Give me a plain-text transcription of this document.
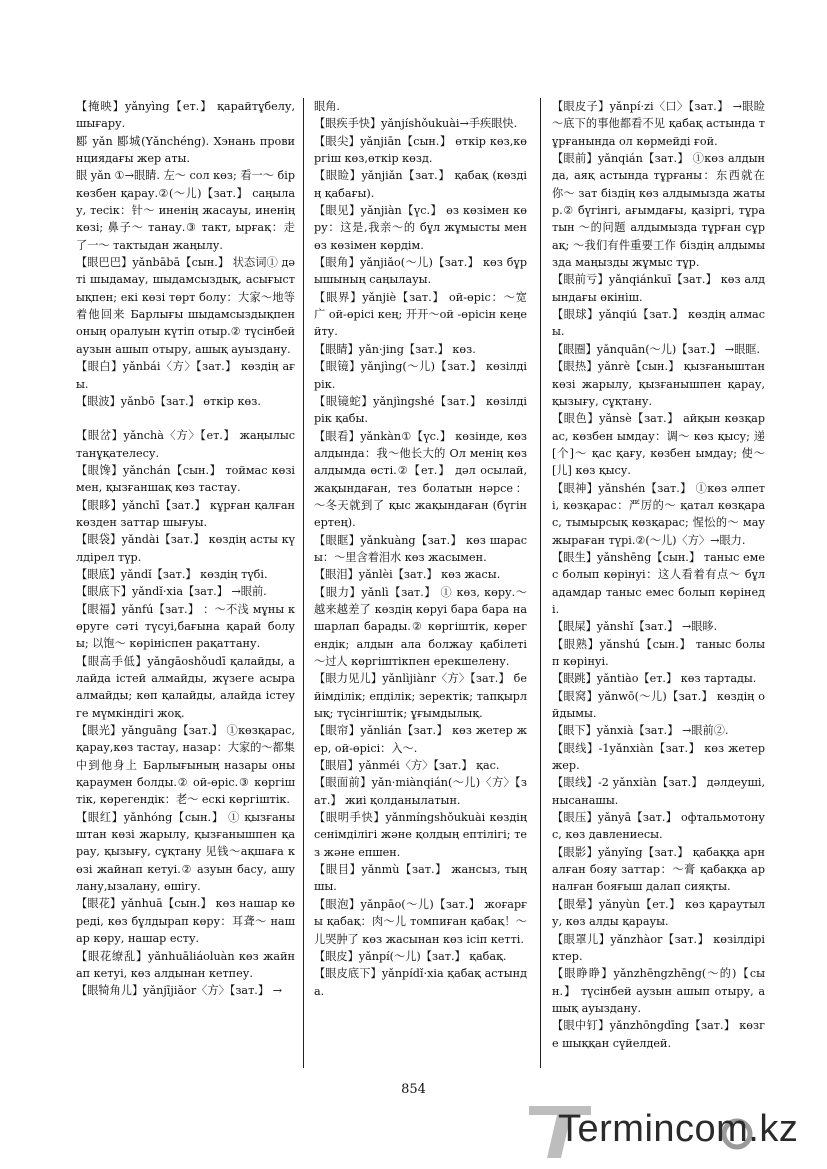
【掩映】yǎnyìng【ет.】 қарайтұбелу, шығару.

郾 yǎn 郾城(Yǎnchéng). Хэнань провинциядағы жер аты.

眼 yǎn ①→眼睛. 左～ сол көз; 看一～ бір көзбен қарау.②(～儿)【зат.】 саңылау, тесік：针～ иненің жасауы, иненің көзі; 鼻子～ танау.③ такт, ырғақ：走了一～ тактыдан жаңылу.

【眼巴巴】yǎnbābā【сын.】 状态词① дәті шыдамау, шыдамсыздық, асығыстықпен; екі көзі төрт болу：大家～地等着他回来 Барлығы шыдамсыздықпен оның оралуын күтіп отыр.② түсінбей аузын ашып отыру, ашық ауыздану.

【眼白】yǎnbái〈方〉【зат.】 көздің ағы.

【眼波】yǎnbō【зат.】 өткір көз.

【眼岔】yǎnchà〈方〉【ет.】 жаңылыс танұқателесу.

【眼馋】yǎnchán【сын.】 тоймас көзімен, қызғаншақ көз тастау.

【眼眵】yǎnchī【зат.】 кұрған қалған көзден заттар шығуы.

【眼袋】yǎndài【зат.】 көздің асты күлдірел түр.

【眼底】yǎndǐ【зат.】 көздің түбі.

【眼底下】yǎndǐ·xia【зат.】 →眼前.

【眼福】yǎnfú【зат.】 ：～不浅 мұны көруге сәті түсуі,бағына қарай болуы; 以饱～ көрініспен рақаттану.

【眼高手低】yǎngāoshǒudī қалайды, алайда істей алмайды, жүзеге асыра алмайды; көп қалайды, алайда істеуге мүмкіндігі жоқ.

【眼光】yǎnguāng【зат.】 ①көзқарас, қарау,көз тастау, назар：大家的～都集中到他身上 Барлығының назары оны қараумен болды.② ой-өріс.③ көргіштік, көрегендік：老～ ескі көргіштік.

【眼红】yǎnhóng【сын.】 ① қызғаныштан көзі жарылу, қызғанышпен қарау, қызығу, сұқтану 见钱～ақшаға көзі жайнап кетуі.② азуын басу, ашулану,ызалану, өшігу.

【眼花】yǎnhuā【сын.】 көз нашар көреді, көз бұлдырап көру：耳聋～ нашар көру, нашар есту.

【眼花缭乱】yǎnhuāliáoluàn көз жайнап кетуі, көз алдынан кетпеу.

【眼犄角儿】yǎnjījiǎor〈方〉【зат.】 →

眼角.

【眼疾手快】yǎnjíshǒukuài→手疾眼快.

【眼尖】yǎnjiān【сын.】 өткір көз,көргіш көз,өткір көзд.

【眼睑】yǎnjiǎn【зат.】 қабақ (көздің қабағы).

【眼见】yǎnjiàn【үс.】 өз көзімен көру：这是,我亲～的 бұл жұмысты мен өз көзімен көрдім.

【眼角】yǎnjiǎo(～儿)【зат.】 көз бұрышының саңылауы.

【眼界】yǎnjiè【зат.】 ой-өріс：～宽广 ой-өрісі кең; 开开～ой -өрісін кеңейту.

【眼睛】yǎn·jing【зат.】 көз.

【眼镜】yǎnjìng(～儿)【зат.】 көзілдірік.

【眼镜蛇】yǎnjìngshé【зат.】 көзілдірік қабы.

【眼看】yǎnkàn①【үс.】 көзінде, көз алдында：我～他长大的 Ол менің көз алдымда өсті.②【ет.】 дәл осылай, жақындаған, тез болатын нәрсе：～冬天就到了 қыс жақындаған (бүгін ертең).

【眼眶】yǎnkuàng【зат.】 көз шарасы：～里含着泪水 көз жасымен.

【眼泪】yǎnlèi【зат.】 көз жасы.

【眼力】yǎnlì【зат.】 ① көз, көру.～越来越差了 көздің көруі бара бара нашарлап барады.② көргіштік, көрегендік; алдын ала болжау қабілеті ～过人 көргіштікпен ерекшелену.

【眼力见儿】yǎnlìjiànr〈方〉【зат.】 бейімділік; епділік; зеректік; тапқырлық; түсінгіштік; ұғымдылық.

【眼帘】yǎnlián【зат.】 көз жетер жер, ой-өрісі：入～.

【眼眉】yǎnméi〈方〉【зат.】 қас.

【眼面前】yǎn·miànqián(～儿)〈方〉【зат.】 жиі қолданылатын.

【眼明手快】yǎnmíngshǒukuài көздің сенімділігі және қолдың ептілігі; тез және епшен.

【眼目】yǎnmù【зат.】 жансыз, тыңшы.

【眼泡】yǎnpāo(～儿)【зат.】 жоғарғы қабақ：肉～儿 томпиған қабақ！～儿哭肿了 көз жасынан көз ісіп кетті.

【眼皮】yǎnpí(～儿)【зат.】 қабақ.

【眼皮底下】yǎnpídǐ·xia қабақ астында.

【眼皮子】yǎnpí·zi〈口〉【зат.】 →眼睑 ～底下的事他都看不见 қабақ астында тұрғанында ол көрмейді ғой.

【眼前】yǎnqián【зат.】 ①көз алдында, аяқ астында тұрғаны：东西就在你～ зат біздің көз алдымызда жатыр.② бүгінгі, ағымдағы, қазіргі, тұратын ～的问题 алдымызда тұрған сұрақ; ～我们有件重要工作 біздің алдымызда маңызды жұмыс тұр.

【眼前亏】yǎnqiánkuī【зат.】 көз алдындағы өкініш.

【眼球】yǎnqiú【зат.】 көздің алмасы.

【眼圈】yǎnquān(～儿)【зат.】 →眼眶.

【眼热】yǎnrè【сын.】 қызғаныштан көзі жарылу, қызғанышпен қарау, қызығу, сұқтану.

【眼色】yǎnsè【зат.】 айқын көзқарас, көзбен ымдау：调～ көз қысу; 递[个]～ қас қағу, көзбен ымдау; 使～[儿] көз қысу.

【眼神】yǎnshén【зат.】 ①көз әлпеті, көзқарас：严厉的～ қатал көзқарас, тымырсық көзқарас; 惺忪的～ маужыраған түрі.②(～儿)〈方〉→眼力.

【眼生】yǎnshēng【сын.】 таныс емес болып көрінуі：这人看着有点～ бұл адамдар таныс емес болып көрінеді.

【眼屎】yǎnshǐ【зат.】 →眼眵.

【眼熟】yǎnshú【сын.】 таныс болып көрінуі.

【眼跳】yǎntiào【ет.】 көз тартады.

【眼窝】yǎnwō(～儿)【зат.】 көздің ойдымы.

【眼下】yǎnxià【зат.】 →眼前②.

【眼线】-1yǎnxiàn【зат.】 көз жетер жер.

【眼线】-2 yǎnxiàn【зат.】 дәлдеуші, нысанашы.

【眼压】yǎnyā【зат.】 офтальмотонус, көз давлениесы.

【眼影】yǎnyǐng【зат.】 қабаққа арналған бояу заттар：～膏 қабаққа арналған бояғыш далап сияқты.

【眼晕】yǎnyùn【ет.】 көз қараутылу, көз алды қарауы.

【眼罩儿】yǎnzhàor【зат.】 көзілдіріктер.

【眼睁睁】yǎnzhēngzhēng(～的)【сын.】 түсінбей аузын ашып отыру, ашық ауыздану.

【眼中钉】yǎnzhōngdīng【зат.】 көзге шыққан сүйелдей.

854
Termincom.kz
